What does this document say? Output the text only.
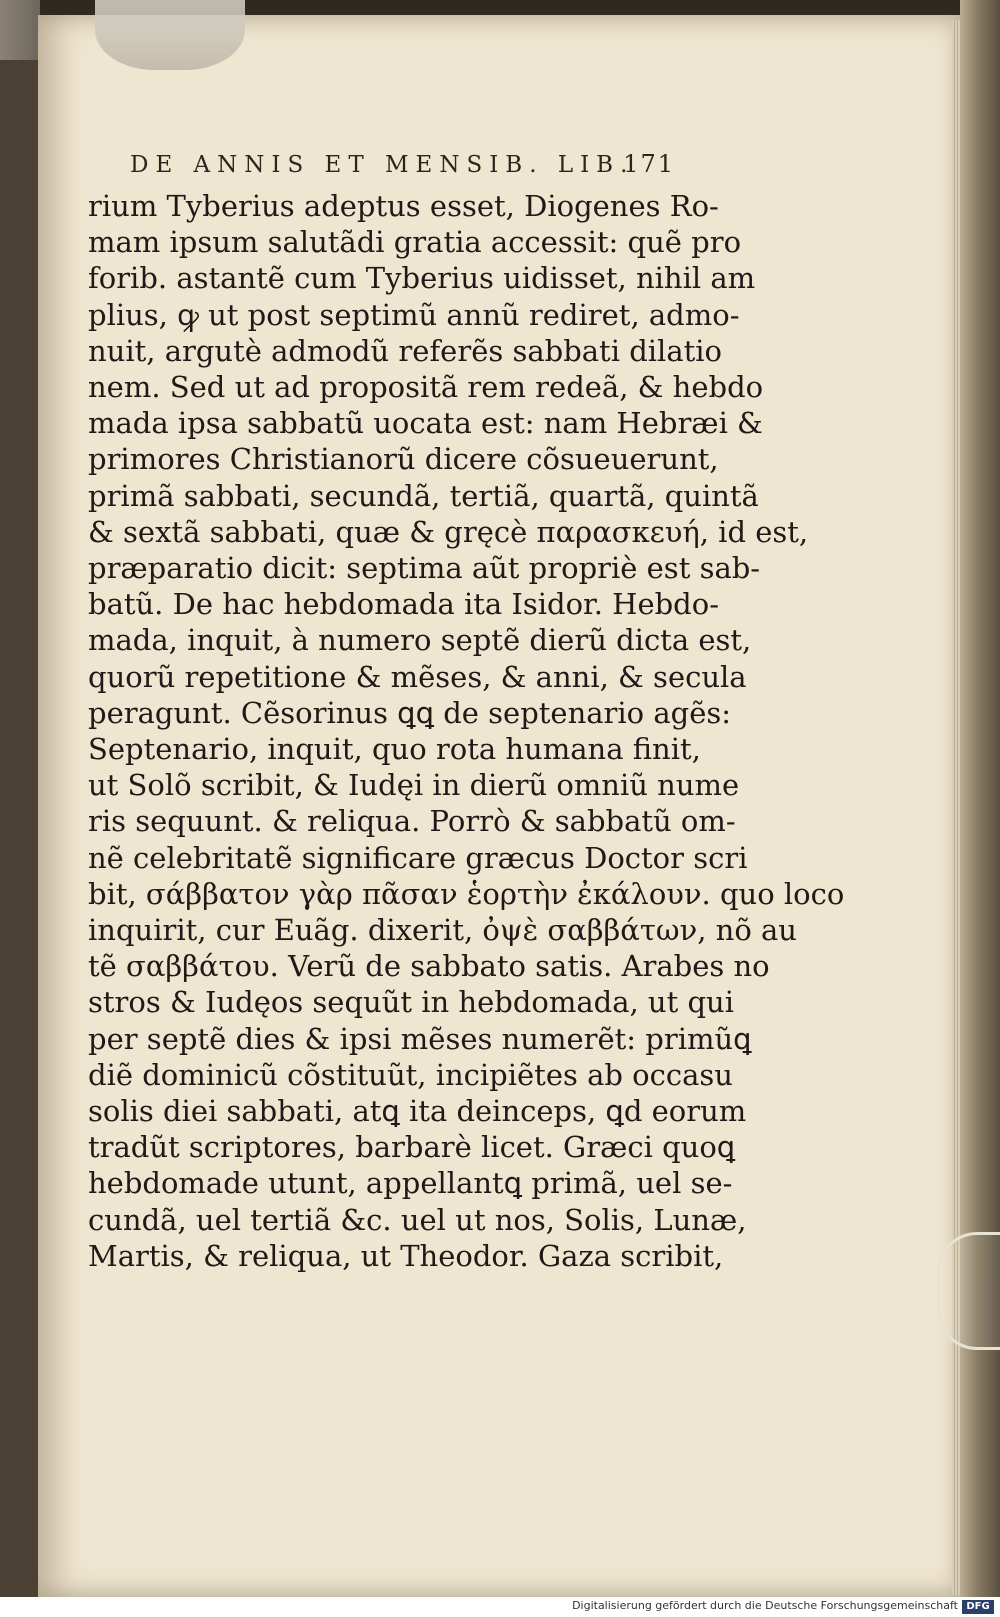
DE ANNIS ET MENSIB. LIB.
171
rium Tyberius adeptus esset, Diogenes Ro-
mam ipsum salutãdi gratia accessit: quẽ pro
forib. astantẽ cum Tyberius uidisset, nihil am
plius, ꝙ ut post septimũ annũ rediret, admo-
nuit, argutè admodũ referẽs sabbati dilatio
nem. Sed ut ad propositã rem redeã, & hebdo
mada ipsa sabbatũ uocata est: nam Hebræi &
primores Christianorũ dicere cõsueuerunt,
primã sabbati, secundã, tertiã, quartã, quintã
& sextã sabbati, quæ & gręcè παρασκευή, id est,
præparatio dicit: septima aũt propriè est sab-
batũ. De hac hebdomada ita Isidor. Hebdo-
mada, inquit, à numero septẽ dierũ dicta est,
quorũ repetitione & mẽses, & anni, & secula
peragunt. Cẽsorinus ꝗꝗ de septenario agẽs:
Septenario, inquit, quo rota humana finit,
ut Solõ scribit, & Iudęi in dierũ omniũ nume
ris sequunt. & reliqua. Porrò & sabbatũ om-
nẽ celebritatẽ significare græcus Doctor scri
bit, σάββατον γὰρ πᾶσαν ἑορτὴν ἐκάλουν. quo loco
inquirit, cur Euãg. dixerit, ὀψὲ σαββάτων, nõ au
tẽ σαββάτου. Verũ de sabbato satis. Arabes no
stros & Iudęos sequũt in hebdomada, ut qui
per septẽ dies & ipsi mẽses numerẽt: primũꝗ
diẽ dominicũ cõstituũt, incipiẽtes ab occasu
solis diei sabbati, atꝗ ita deinceps, ꝗd eorum
tradũt scriptores, barbarè licet. Græci quoꝗ
hebdomade utunt, appellantꝗ primã, uel se-
cundã, uel tertiã &c. uel ut nos, Solis, Lunæ,
Martis, & reliqua, ut Theodor. Gaza scribit,
Digitalisierung gefördert durch die Deutsche Forschungsgemeinschaft DFG
